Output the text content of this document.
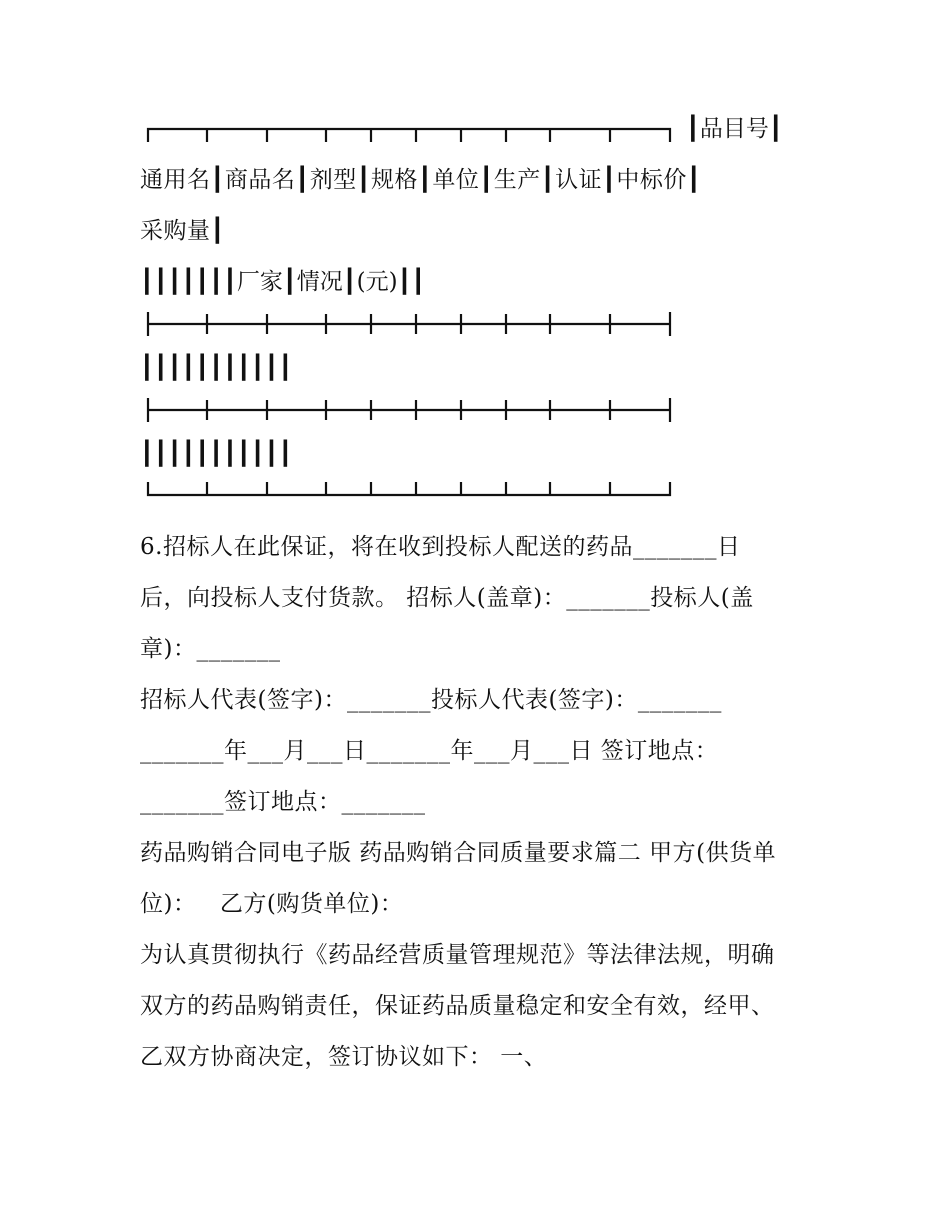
┃品目号┃
通用名┃商品名┃剂型┃规格┃单位┃生产┃认证┃中标价┃
采购量┃
┃┃┃┃┃┃┃厂家┃情况┃(元)┃┃
┃┃┃┃┃┃┃┃┃┃┃
┃┃┃┃┃┃┃┃┃┃┃
6.招标人在此保证，将在收到投标人配送的药品_______日
后，向投标人支付货款。 招标人(盖章)：_______投标人(盖
章)：_______
招标人代表(签字)：_______投标人代表(签字)：_______
_______年___月___日_______年___月___日 签订地点：
_______签订地点：_______
药品购销合同电子版 药品购销合同质量要求篇二 甲方(供货单
位)：   乙方(购货单位)：
为认真贯彻执行《药品经营质量管理规范》等法律法规，明确
双方的药品购销责任，保证药品质量稳定和安全有效，经甲、
乙双方协商决定，签订协议如下： 一、
